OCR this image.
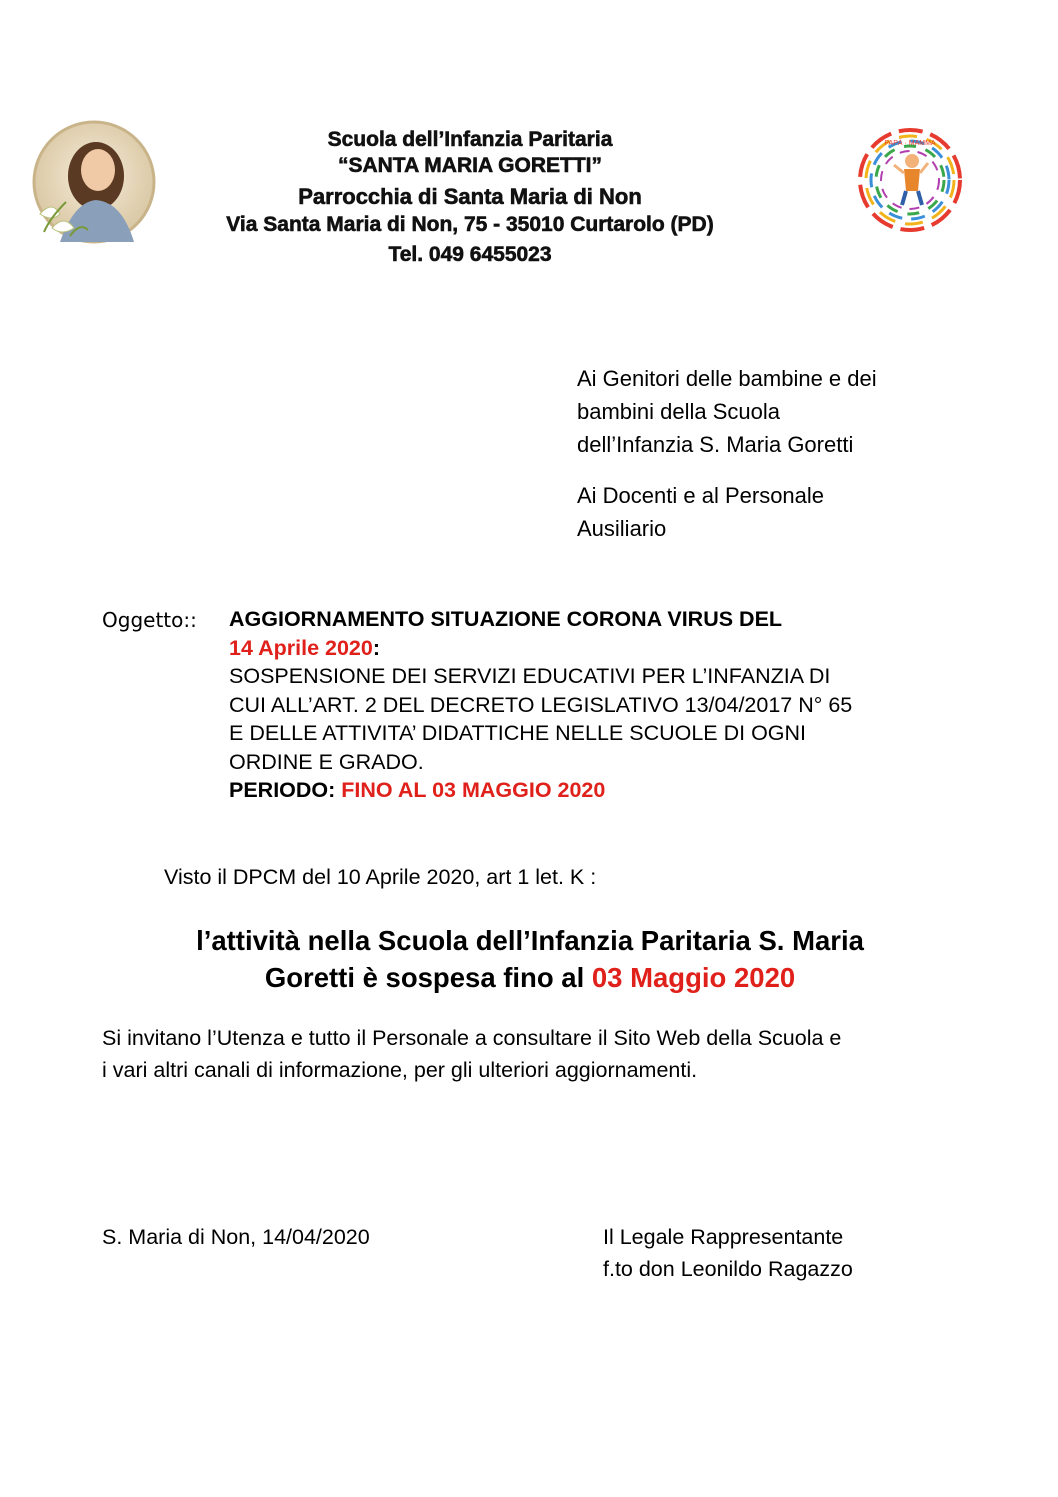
PAPÀ · MAMMA
Scuola dell’Infanzia Paritaria
“SANTA MARIA GORETTI”
Parrocchia di Santa Maria di Non
Via Santa Maria di Non, 75 - 35010 Curtarolo (PD)
Tel. 049 6455023
Ai Genitori delle bambine e dei
bambini della Scuola
dell’Infanzia S. Maria Goretti
Ai Docenti e al Personale
Ausiliario
Oggetto:: AGGIORNAMENTO SITUAZIONE CORONA VIRUS DEL
14 Aprile 2020:
SOSPENSIONE DEI SERVIZI EDUCATIVI PER L’INFANZIA DI
CUI ALL’ART. 2 DEL DECRETO LEGISLATIVO 13/04/2017 N° 65
E DELLE ATTIVITA’ DIDATTICHE NELLE SCUOLE DI OGNI
ORDINE E GRADO.
PERIODO: FINO AL 03 MAGGIO 2020
Visto il DPCM del 10 Aprile 2020, art 1 let. K :
l’attività nella Scuola dell’Infanzia Paritaria S. Maria
Goretti è sospesa fino al 03 Maggio 2020
Si invitano l’Utenza e tutto il Personale a consultare il Sito Web della Scuola e
i vari altri canali di informazione, per gli ulteriori aggiornamenti.
S. Maria di Non, 14/04/2020	Il Legale Rappresentante
f.to don Leonildo Ragazzo
